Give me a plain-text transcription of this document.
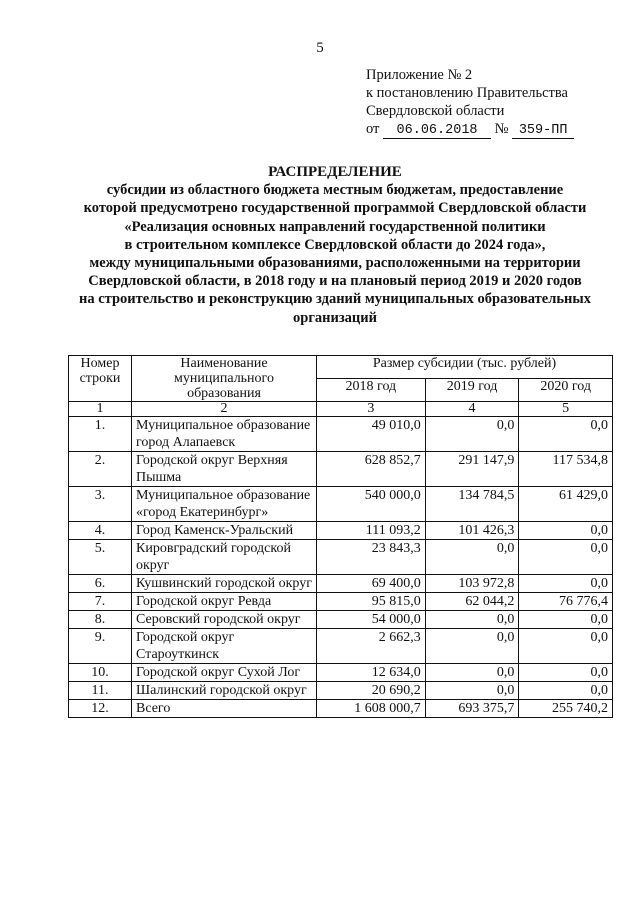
5
Приложение № 2
к постановлению Правительства
Свердловской области
от 06.06.2018 № 359-ПП
РАСПРЕДЕЛЕНИЕ
субсидии из областного бюджета местным бюджетам, предоставление
которой предусмотрено государственной программой Свердловской области
«Реализация основных направлений государственной политики
в строительном комплексе Свердловской области до 2024 года»,
между муниципальными образованиями, расположенными на территории
Свердловской области, в 2018 году и на плановый период 2019 и 2020 годов
на строительство и реконструкцию зданий муниципальных образовательных
организаций
Номер строки	Наименование муниципального образования	Размер субсидии (тыс. рублей)		
		2018 год	2019 год	2020 год
1	2	3	4	5
1.	Муниципальное образование город Алапаевск	49 010,0	0,0	0,0
2.	Городской округ Верхняя Пышма	628 852,7	291 147,9	117 534,8
3.	Муниципальное образование «город Екатеринбург»	540 000,0	134 784,5	61 429,0
4.	Город Каменск-Уральский	111 093,2	101 426,3	0,0
5.	Кировградский городской округ	23 843,3	0,0	0,0
6.	Кушвинский городской округ	69 400,0	103 972,8	0,0
7.	Городской округ Ревда	95 815,0	62 044,2	76 776,4
8.	Серовский городской округ	54 000,0	0,0	0,0
9.	Городской округ Староуткинск	2 662,3	0,0	0,0
10.	Городской округ Сухой Лог	12 634,0	0,0	0,0
11.	Шалинский городской округ	20 690,2	0,0	0,0
12.	Всего	1 608 000,7	693 375,7	255 740,2
